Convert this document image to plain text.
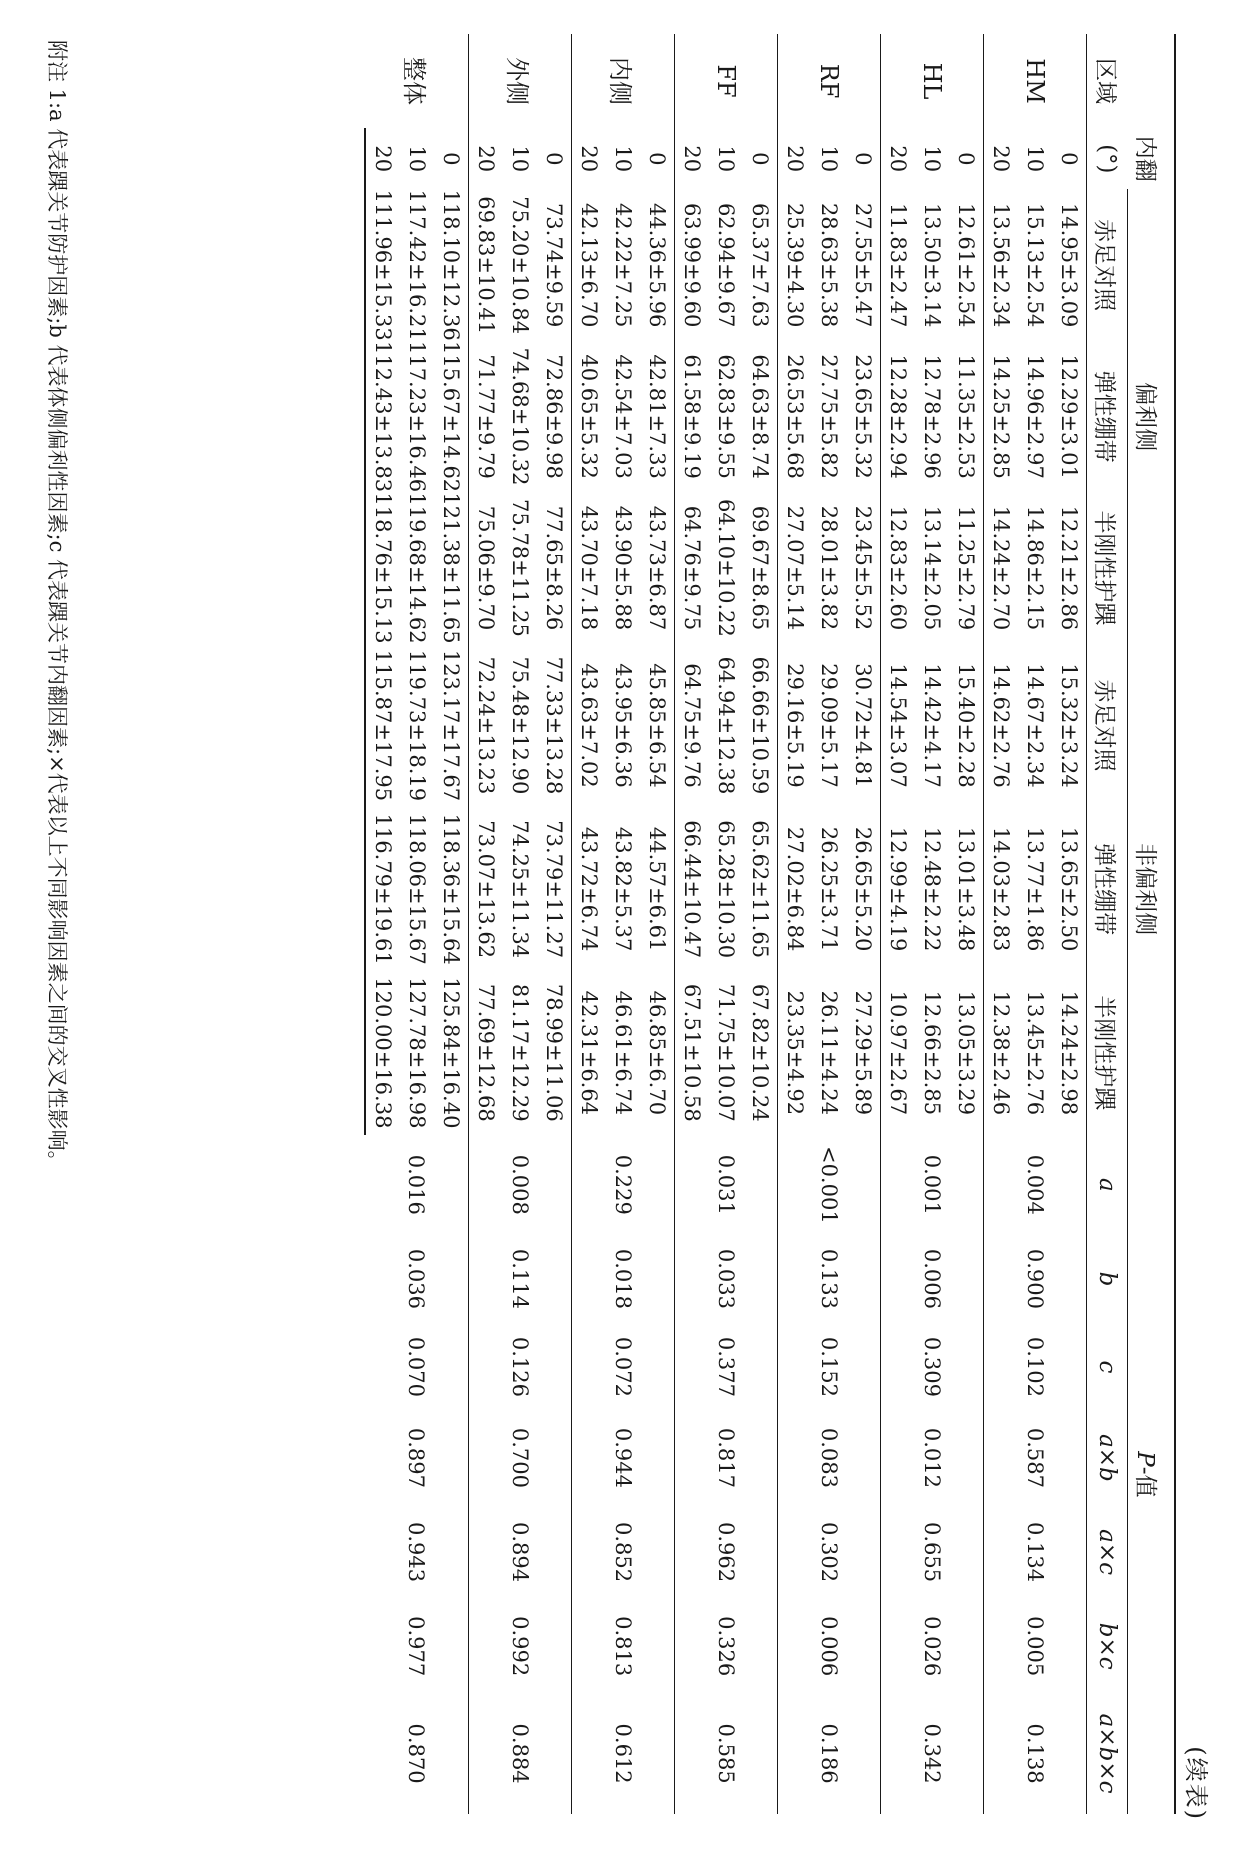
(续表)
	内翻	偏利侧			非偏利侧			P-值						
区域	(°)	赤足对照	弹性绷带	半刚性护踝	赤足对照	弹性绷带	半刚性护踝	a	b	c	a×b	a×c	b×c	a×b×c
HM	0	14.95±3.09	12.29±3.01	12.21±2.86	15.32±3.24	13.65±2.50	14.24±2.98	0.004	0.900	0.102	0.587	0.134	0.005	0.138
	10	15.13±2.54	14.96±2.97	14.86±2.15	14.67±2.34	13.77±1.86	13.45±2.76							
	20	13.56±2.34	14.25±2.85	14.24±2.70	14.62±2.76	14.03±2.83	12.38±2.46							
HL	0	12.61±2.54	11.35±2.53	11.25±2.79	15.40±2.28	13.01±3.48	13.05±3.29	0.001	0.006	0.309	0.012	0.655	0.026	0.342
	10	13.50±3.14	12.78±2.96	13.14±2.05	14.42±4.17	12.48±2.22	12.66±2.85							
	20	11.83±2.47	12.28±2.94	12.83±2.60	14.54±3.07	12.99±4.19	10.97±2.67							
RF	0	27.55±5.47	23.65±5.32	23.45±5.52	30.72±4.81	26.65±5.20	27.29±5.89	<0.001	0.133	0.152	0.083	0.302	0.006	0.186
	10	28.63±5.38	27.75±5.82	28.01±3.82	29.09±5.17	26.25±3.71	26.11±4.24							
	20	25.39±4.30	26.53±5.68	27.07±5.14	29.16±5.19	27.02±6.84	23.35±4.92							
FF	0	65.37±7.63	64.63±8.74	69.67±8.65	66.66±10.59	65.62±11.65	67.82±10.24	0.031	0.033	0.377	0.817	0.962	0.326	0.585
	10	62.94±9.67	62.83±9.55	64.10±10.22	64.94±12.38	65.28±10.30	71.75±10.07							
	20	63.99±9.60	61.58±9.19	64.76±9.75	64.75±9.76	66.44±10.47	67.51±10.58							
内侧	0	44.36±5.96	42.81±7.33	43.73±6.87	45.85±6.54	44.57±6.61	46.85±6.70	0.229	0.018	0.072	0.944	0.852	0.813	0.612
	10	42.22±7.25	42.54±7.03	43.90±5.88	43.95±6.36	43.82±5.37	46.61±6.74							
	20	42.13±6.70	40.65±5.32	43.70±7.18	43.63±7.02	43.72±6.74	42.31±6.64							
外侧	0	73.74±9.59	72.86±9.98	77.65±8.26	77.33±13.28	73.79±11.27	78.99±11.06	0.008	0.114	0.126	0.700	0.894	0.992	0.884
	10	75.20±10.84	74.68±10.32	75.78±11.25	75.48±12.90	74.25±11.34	81.17±12.29							
	20	69.83±10.41	71.77±9.79	75.06±9.70	72.24±13.23	73.07±13.62	77.69±12.68							
整体	0	118.10±12.36	115.67±14.62	121.38±11.65	123.17±17.67	118.36±15.64	125.84±16.40	0.016	0.036	0.070	0.897	0.943	0.977	0.870
	10	117.42±16.21	117.23±16.46	119.68±14.62	119.73±18.19	118.06±15.67	127.78±16.98							
	20	111.96±15.33	112.43±13.83	118.76±15.13	115.87±17.95	116.79±19.61	120.00±16.38							
附注 1:a 代表踝关节防护因素;b 代表体侧偏利性因素;c 代表踝关节内翻因素;×代表以上不同影响因素之间的交叉性影响。
